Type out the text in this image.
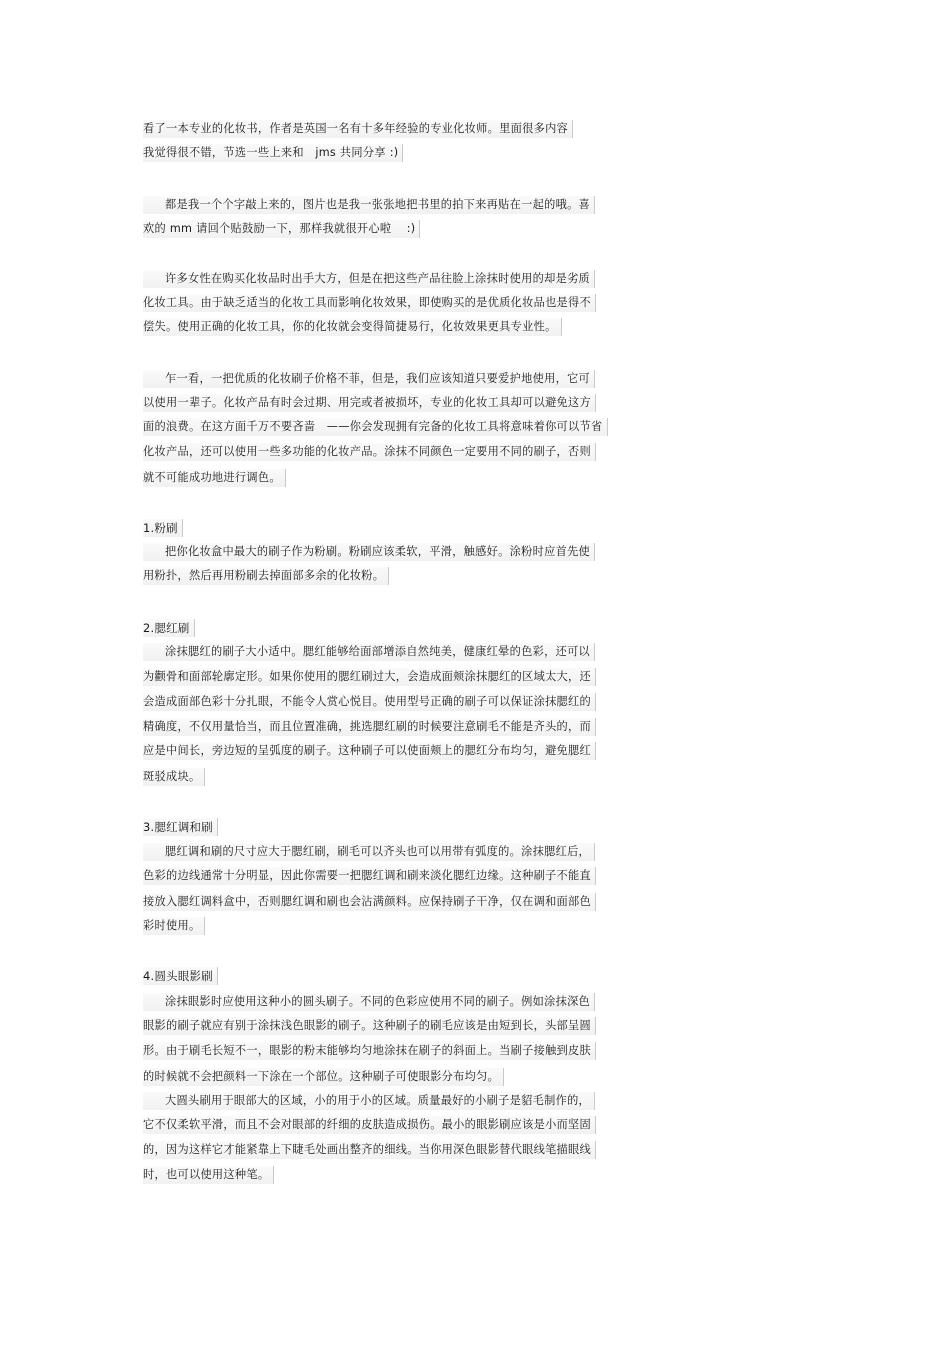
看了一本专业的化妆书，作者是英国一名有十多年经验的专业化妆师。里面很多内容
我觉得很不错，节选一些上来和　jms 共同分享 :)
都是我一个个字敲上来的，图片也是我一张张地把书里的拍下来再贴在一起的哦。喜
欢的 mm 请回个贴鼓励一下，那样我就很开心啦　 :)
许多女性在购买化妆品时出手大方，但是在把这些产品往脸上涂抹时使用的却是劣质
化妆工具。由于缺乏适当的化妆工具而影响化妆效果，即使购买的是优质化妆品也是得不
偿失。使用正确的化妆工具，你的化妆就会变得简捷易行，化妆效果更具专业性。
乍一看，一把优质的化妆刷子价格不菲，但是，我们应该知道只要爱护地使用，它可
以使用一辈子。化妆产品有时会过期、用完或者被损坏，专业的化妆工具却可以避免这方
面的浪费。在这方面千万不要吝啬　——你会发现拥有完备的化妆工具将意味着你可以节省
化妆产品，还可以使用一些多功能的化妆产品。涂抹不同颜色一定要用不同的刷子，否则
就不可能成功地进行调色。
1.粉刷
把你化妆盒中最大的刷子作为粉刷。粉刷应该柔软，平滑，触感好。涂粉时应首先使
用粉扑，然后再用粉刷去掉面部多余的化妆粉。
2.腮红刷
涂抹腮红的刷子大小适中。腮红能够给面部增添自然纯美，健康红晕的色彩，还可以
为颧骨和面部轮廓定形。如果你使用的腮红刷过大，会造成面颊涂抹腮红的区域太大，还
会造成面部色彩十分扎眼，不能令人赏心悦目。使用型号正确的刷子可以保证涂抹腮红的
精确度，不仅用量恰当，而且位置准确，挑选腮红刷的时候要注意刷毛不能是齐头的，而
应是中间长，旁边短的呈弧度的刷子。这种刷子可以使面颊上的腮红分布均匀，避免腮红
斑驳成块。
3.腮红调和刷
腮红调和刷的尺寸应大于腮红刷，刷毛可以齐头也可以用带有弧度的。涂抹腮红后，
色彩的边线通常十分明显，因此你需要一把腮红调和刷来淡化腮红边缘。这种刷子不能直
接放入腮红调料盒中，否则腮红调和刷也会沾满颜料。应保持刷子干净，仅在调和面部色
彩时使用。
4.圆头眼影刷
涂抹眼影时应使用这种小的圆头刷子。不同的色彩应使用不同的刷子。例如涂抹深色
眼影的刷子就应有别于涂抹浅色眼影的刷子。这种刷子的刷毛应该是由短到长，头部呈圆
形。由于刷毛长短不一，眼影的粉末能够均匀地涂抹在刷子的斜面上。当刷子接触到皮肤
的时候就不会把颜料一下涂在一个部位。这种刷子可使眼影分布均匀。
大圆头刷用于眼部大的区域，小的用于小的区域。质量最好的小刷子是貂毛制作的，
它不仅柔软平滑，而且不会对眼部的纤细的皮肤造成损伤。最小的眼影刷应该是小而坚固
的，因为这样它才能紧靠上下睫毛处画出整齐的细线。当你用深色眼影替代眼线笔描眼线
时，也可以使用这种笔。
